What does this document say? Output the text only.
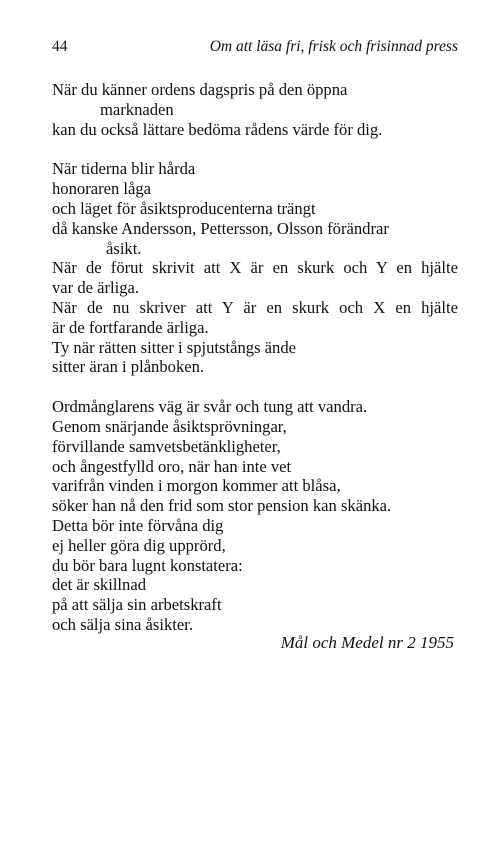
44	Om att läsa fri, frisk och frisinnad press
När du känner ordens dagspris på den öppna
marknaden
kan du också lättare bedöma rådens värde för dig.
När tiderna blir hårda
honoraren låga
och läget för åsiktsproducenterna trängt
då kanske Andersson, Pettersson, Olsson förändrar
åsikt.
När de förut skrivit att X är en skurk och Y en hjälte
var de ärliga.
När de nu skriver att Y är en skurk och X en hjälte
är de fortfarande ärliga.
Ty när rätten sitter i spjutstångs ände
sitter äran i plånboken.
Ordmånglarens väg är svår och tung att vandra.
Genom snärjande åsiktsprövningar,
förvillande samvetsbetänkligheter,
och ångestfylld oro, när han inte vet
varifrån vinden i morgon kommer att blåsa,
söker han nå den frid som stor pension kan skänka.
Detta bör inte förvåna dig
ej heller göra dig upprörd,
du bör bara lugnt konstatera:
det är skillnad
på att sälja sin arbetskraft
och sälja sina åsikter.
Mål och Medel nr 2 1955
